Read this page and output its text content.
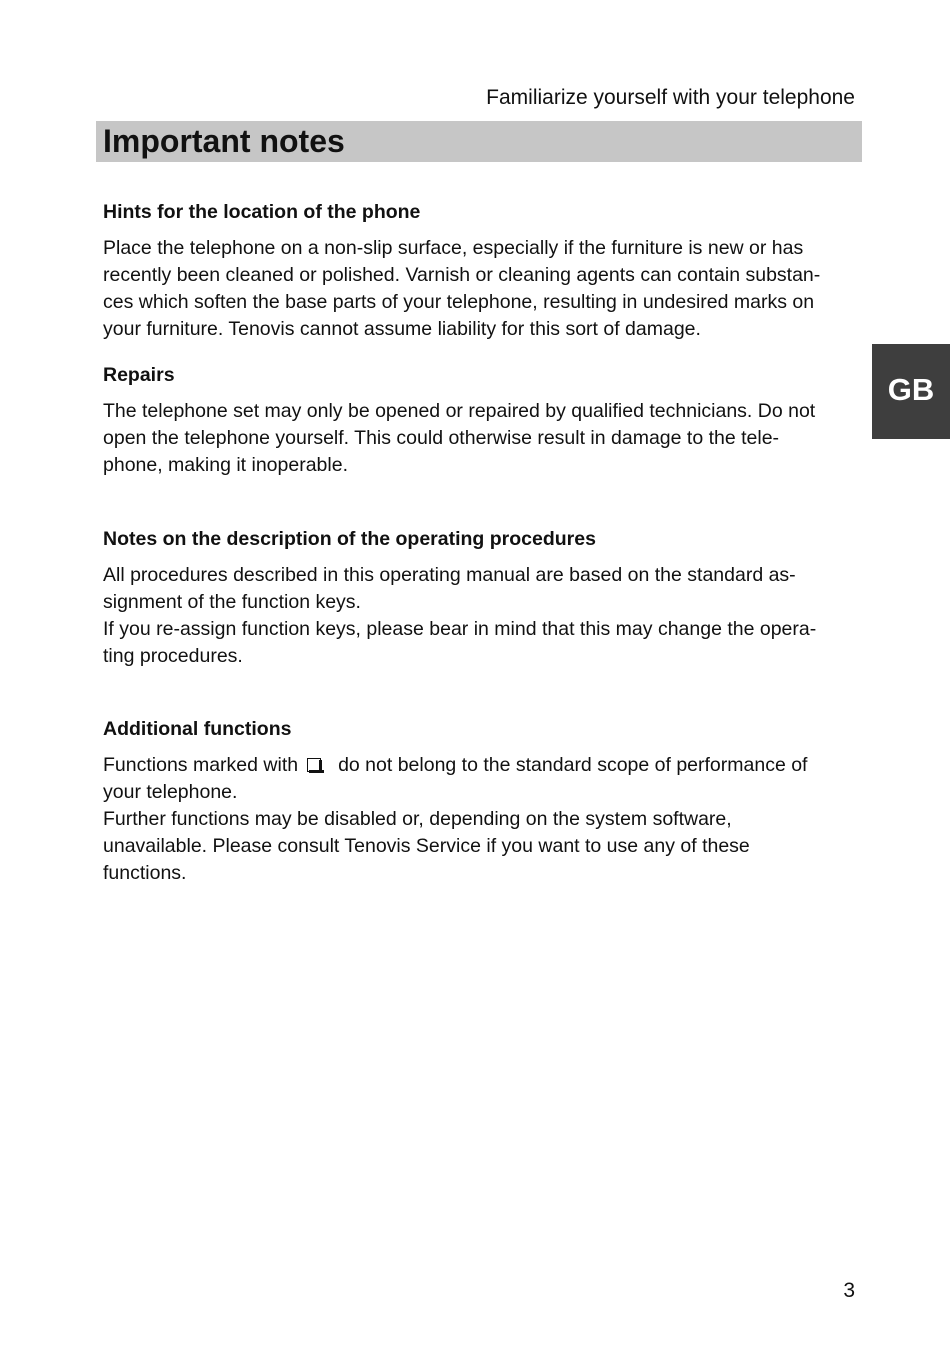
Familiarize yourself with your telephone
Important notes
GB
Hints for the location of the phone

Place the telephone on a non-slip surface, especially if the furniture is new or has
recently been cleaned or polished. Varnish or cleaning agents can contain substan-
ces which soften the base parts of your telephone, resulting in undesired marks on
your furniture. Tenovis cannot assume liability for this sort of damage.

Repairs

The telephone set may only be opened or repaired by qualified technicians. Do not
open the telephone yourself. This could otherwise result in damage to the tele-
phone, making it inoperable.

Notes on the description of the operating procedures

All procedures described in this operating manual are based on the standard as-
signment of the function keys.
If you re-assign function keys, please bear in mind that this may change the opera-
ting procedures.

Additional functions

Functions marked with do not belong to the standard scope of performance of
your telephone.
Further functions may be disabled or, depending on the system software,
unavailable. Please consult Tenovis Service if you want to use any of these
functions.

3
